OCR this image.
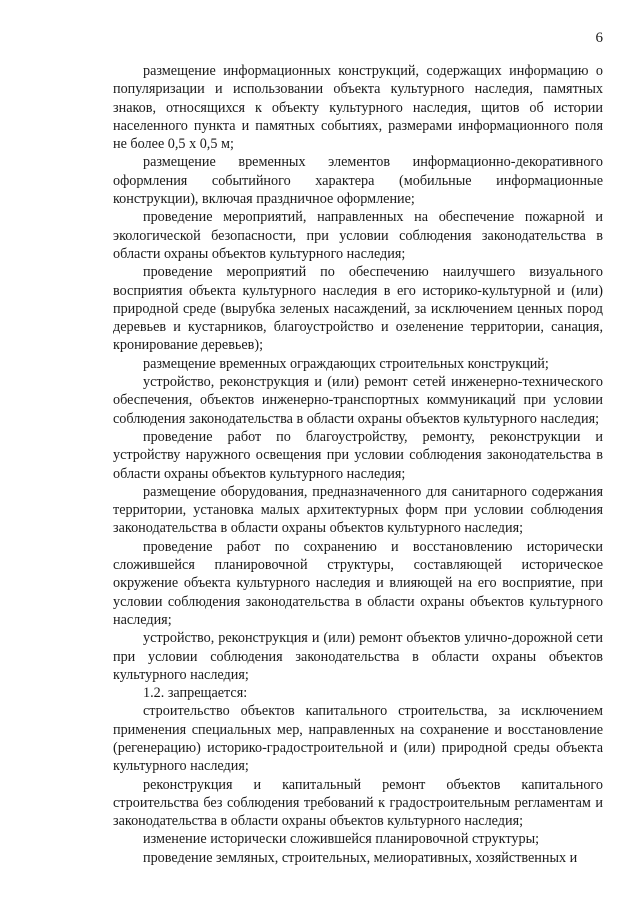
6

размещение информационных конструкций, содержащих информацию о популяризации и использовании объекта культурного наследия, памятных знаков, относящихся к объекту культурного наследия, щитов об истории населенного пункта и памятных событиях, размерами информационного поля не более 0,5 х 0,5 м;

размещение временных элементов информационно-декоративного оформления событийного характера (мобильные информационные конструкции), включая праздничное оформление;

проведение мероприятий, направленных на обеспечение пожарной и экологической безопасности, при условии соблюдения законодательства в области охраны объектов культурного наследия;

проведение мероприятий по обеспечению наилучшего визуального восприятия объекта культурного наследия в его историко-культурной и (или) природной среде (вырубка зеленых насаждений, за исключением ценных пород деревьев и кустарников, благоустройство и озеленение территории, санация, кронирование деревьев);

размещение временных ограждающих строительных конструкций;

устройство, реконструкция и (или) ремонт сетей инженерно-технического обеспечения, объектов инженерно-транспортных коммуникаций при условии соблюдения законодательства в области охраны объектов культурного наследия;

проведение работ по благоустройству, ремонту, реконструкции и устройству наружного освещения при условии соблюдения законодательства в области охраны объектов культурного наследия;

размещение оборудования, предназначенного для санитарного содержания территории, установка малых архитектурных форм при условии соблюдения законодательства в области охраны объектов культурного наследия;

проведение работ по сохранению и восстановлению исторически сложившейся планировочной структуры, составляющей историческое окружение объекта культурного наследия и влияющей на его восприятие, при условии соблюдения законодательства в области охраны объектов культурного наследия;

устройство, реконструкция и (или) ремонт объектов улично-дорожной сети при условии соблюдения законодательства в области охраны объектов культурного наследия;

1.2. запрещается:

строительство объектов капитального строительства, за исключением применения специальных мер, направленных на сохранение и восстановление (регенерацию) историко-градостроительной и (или) природной среды объекта культурного наследия;

реконструкция и капитальный ремонт объектов капитального строительства без соблюдения требований к градостроительным регламентам и законодательства в области охраны объектов культурного наследия;

изменение исторически сложившейся планировочной структуры;

проведение земляных, строительных, мелиоративных, хозяйственных и
